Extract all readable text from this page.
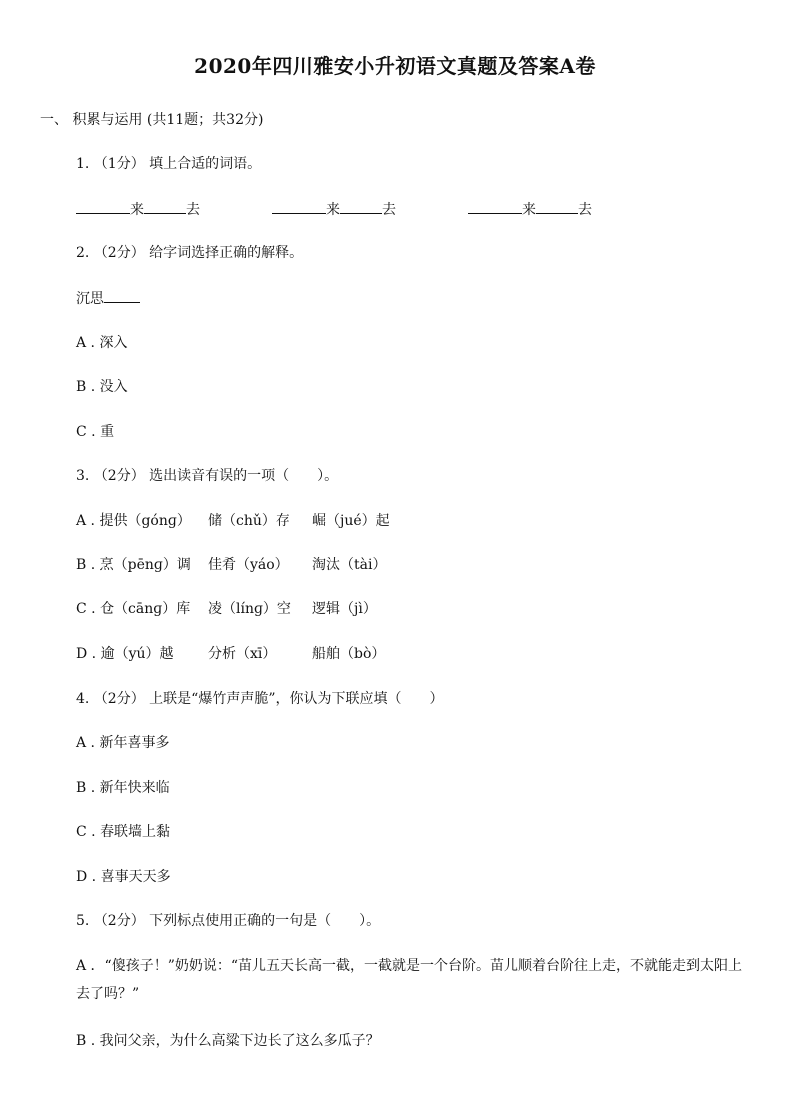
2020年四川雅安小升初语文真题及答案A卷
一、 积累与运用 (共11题；共32分)
1. （1分） 填上合适的词语。
来	去	来	去	来	去
2. （2分） 给字词选择正确的解释。
沉思
A . 深入
B . 没入
C . 重
3. （2分） 选出读音有误的一项（　　）。
A . 提供（gónɡ） 储（chǔ）存 崛（jué）起
B . 烹（pēnɡ）调 佳肴（yáo） 淘汰（tài）
C . 仓（cānɡ）库 凌（línɡ）空 逻辑（jì）
D . 逾（yú）越 分析（xī）	船舶（bò）
4. （2分） 上联是“爆竹声声脆”，你认为下联应填（　　）
A . 新年喜事多
B . 新年快来临
C . 春联墙上黏
D . 喜事天天多
5. （2分） 下列标点使用正确的一句是（　　）。
A ．“傻孩子！”奶奶说：“苗儿五天长高一截，一截就是一个台阶。苗儿顺着台阶往上走，不就能走到太阳上去了吗？”
B . 我问父亲，为什么高粱下边长了这么多瓜子？
